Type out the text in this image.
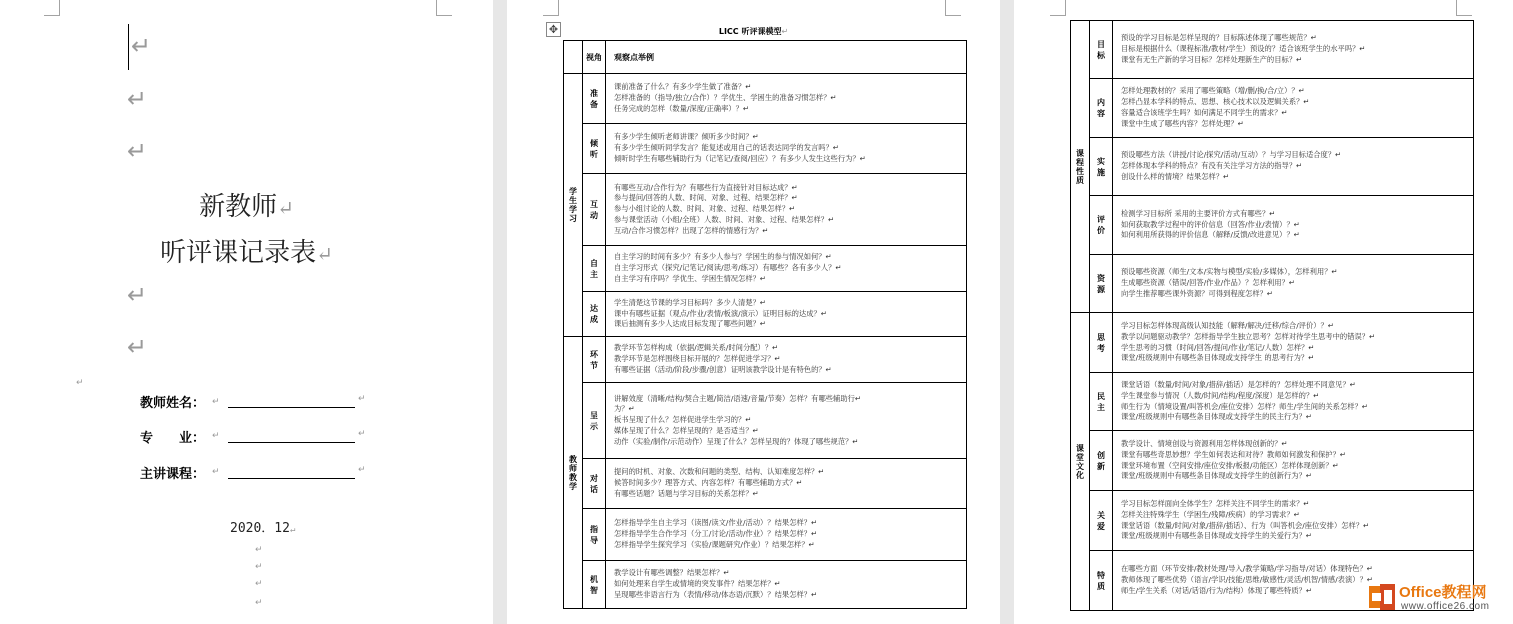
↵
↵
↵
新教师↵
听评课记录表↵
↵
↵
↵
教师姓名： ↵	↵
专　　业： ↵	↵
主讲课程： ↵	↵
2020．12↵
↵
↵
↵
↵
	视角	观察点举例

学生学习	准备	课前准备了什么？有多少学生做了准备？↵
怎样准备的（指导/独立/合作）？学优生、学困生的准备习惯怎样？↵
任务完成的怎样（数量/深度/正确率）？↵

	倾听	有多少学生倾听老师讲课？倾听多少时间？↵
有多少学生倾听同学发言？能复述或用自己的话表达同学的发言吗？↵
倾听时学生有哪些辅助行为（记笔记/查阅/回应）？有多少人发生这些行为？↵

	互动	有哪些互动/合作行为？有哪些行为直接针对目标达成？↵
参与提问/回答的人数、时间、对象、过程、结果怎样？↵
参与小组讨论的人数、时间、对象、过程、结果怎样？↵
参与课堂活动（小组/全班）人数、时间、对象、过程、结果怎样？↵
互动/合作习惯怎样？出现了怎样的情感行为？↵

	自主	自主学习的时间有多少？有多少人参与？学困生的参与情况如何？↵
自主学习形式（探究/记笔记/阅读/思考/练习）有哪些？各有多少人？↵
自主学习有序吗？学优生、学困生情况怎样？↵

	达成	学生清楚这节课的学习目标吗？多少人清楚？↵
课中有哪些证据（观点/作业/表情/板演/演示）证明目标的达成？↵
课后抽测有多少人达成目标发现了哪些问题？↵

教师教学	环节	教学环节怎样构成（依据/逻辑关系/时间分配）？↵
教学环节是怎样围绕目标开展的？怎样促进学习？↵
有哪些证据（活动/阶段/步骤/创意）证明该教学设计是有特色的？↵

	呈示	讲解效度（清晰/结构/契合主题/简洁/语速/音量/节奏）怎样？有哪些辅助行↵
为？↵
板书呈现了什么？怎样促进学生学习的？↵
媒体呈现了什么？怎样呈现的？是否适当？↵
动作（实验/制作/示范动作）呈现了什么？怎样呈现的？体现了哪些规范？↵

	对话	提问的时机、对象、次数和问题的类型、结构、认知难度怎样？↵
候答时间多少？理答方式、内容怎样？有哪些辅助方式？↵
有哪些话题？话题与学习目标的关系怎样？↵

	指导	怎样指导学生自主学习（读图/读文/作业/活动）？结果怎样？↵
怎样指导学生合作学习（分工/讨论/活动/作业）？结果怎样？↵
怎样指导学生探究学习（实验/课题研究/作业）？结果怎样？↵

	机智	教学设计有哪些调整？结果怎样？↵
如何处理来自学生或情境的突发事件？结果怎样？↵
呈现哪些非语言行为（表情/移动/体态语/沉默）？结果怎样？↵
✥	LICC 听评课模型↵
课程性质	目标	预设的学习目标是怎样呈现的？目标陈述体现了哪些规范？↵
目标是根据什么（课程标准/教材/学生）预设的？适合该班学生的水平吗？↵
课堂有无生产新的学习目标？怎样处理新生产的目标？↵

	内容	怎样处理教材的？采用了哪些策略（增/删/换/合/立）？↵
怎样凸显本学科的特点、思想、核心技术以及逻辑关系？↵
容量适合该班学生吗？如何满足不同学生的需求？↵
课堂中生成了哪些内容？怎样处理？↵

	实施	预设哪些方法（讲授/讨论/探究/活动/互动）？与学习目标适合度？↵
怎样体现本学科的特点？有没有关注学习方法的指导？↵
创设什么样的情境？结果怎样？↵

	评价	检测学习目标所 采用的主要评价方式有哪些？↵
如何获取教学过程中的评价信息（回答/作业/表情）？↵
如何利用所获得的评价信息（解释/反馈/改进意见）？↵

	资源	预设哪些资源（师生/文本/实物与模型/实验/多媒体），怎样利用？↵
生成哪些资源（错误/回答/作业/作品）？怎样利用？↵
向学生推荐哪些课外资源？可得到程度怎样？↵

课堂文化	思考	学习目标怎样体现高级认知技能（解释/解决/迁移/综合/评价）？↵
教学以问题驱动教学？怎样指导学生独立思考？怎样对待学生思考中的错误？↵
学生思考的习惯（时间/回答/提问/作业/笔记/人数）怎样？↵
课堂/班级规则中有哪些条目体现或支持学生 的思考行为？↵

	民主	课堂话语（数量/时间/对象/措辞/插话）是怎样的？怎样处理不同意见？↵
学生课堂参与情况（人数/时间/结构/程度/深度）是怎样的？↵
师生行为（情境设置/叫答机会/座位安排）怎样？师生/学生间的关系怎样？↵
课堂/班级规则中有哪些条目体现或支持学生的民主行为？↵

	创新	教学设计、情境创设与资源利用怎样体现创新的？↵
课堂有哪些奇思妙想？学生如何表达和对待？教师如何激发和保护？↵
课堂环境布置（空间安排/座位安排/板报/功能区）怎样体现创新？↵
课堂/班级规则中有哪些条目体现或支持学生的创新行为？↵

	关爱	学习目标怎样面向全体学生？怎样关注不同学生的需求？↵
怎样关注特殊学生（学困生/残障/疾病）的学习需求？↵
课堂话语（数量/时间/对象/措辞/插话）、行为（叫答机会/座位安排）怎样？↵
课堂/班级规则中有哪些条目体现或支持学生的关爱行为？↵

	特质	在哪些方面（环节安排/教材处理/导入/教学策略/学习指导/对话）体现特色？↵
教师体现了哪些优势（语言/学识/技能/思维/敏感性/灵活/机智/情感/表演）？↵
师生/学生关系（对话/话语/行为/结构）体现了哪些特质？↵	Office教程网
www.office26.com
